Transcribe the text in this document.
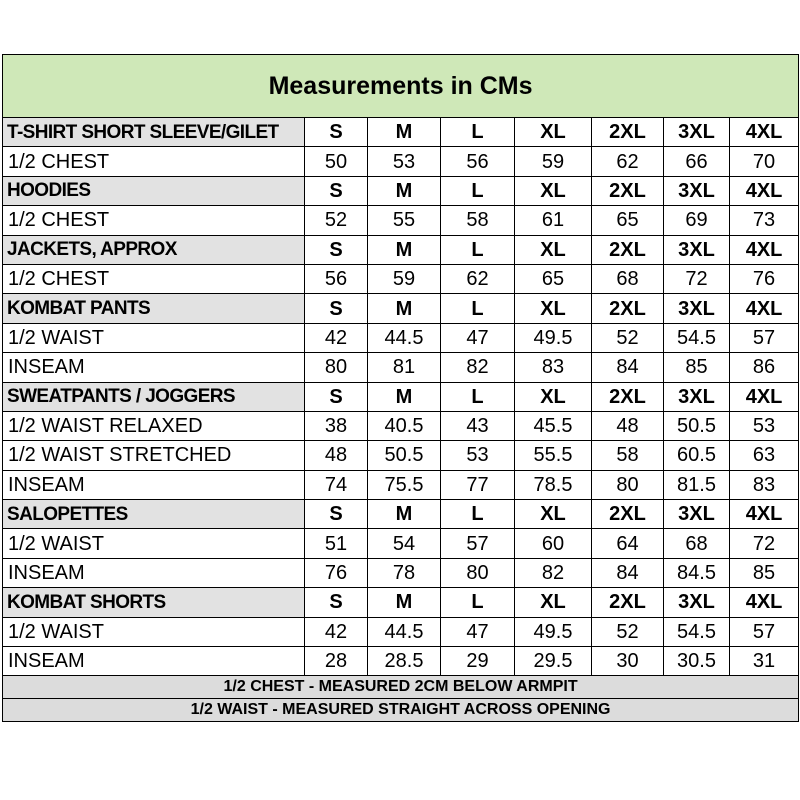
Measurements in CMs							
T-SHIRT SHORT SLEEVE/GILET	S	M	L	XL	2XL	3XL	4XL
1/2 CHEST	50	53	56	59	62	66	70
HOODIES	S	M	L	XL	2XL	3XL	4XL
1/2 CHEST	52	55	58	61	65	69	73
JACKETS, APPROX	S	M	L	XL	2XL	3XL	4XL
1/2 CHEST	56	59	62	65	68	72	76
KOMBAT PANTS	S	M	L	XL	2XL	3XL	4XL
1/2 WAIST	42	44.5	47	49.5	52	54.5	57
INSEAM	80	81	82	83	84	85	86
SWEATPANTS / JOGGERS	S	M	L	XL	2XL	3XL	4XL
1/2 WAIST RELAXED	38	40.5	43	45.5	48	50.5	53
1/2 WAIST STRETCHED	48	50.5	53	55.5	58	60.5	63
INSEAM	74	75.5	77	78.5	80	81.5	83
SALOPETTES	S	M	L	XL	2XL	3XL	4XL
1/2 WAIST	51	54	57	60	64	68	72
INSEAM	76	78	80	82	84	84.5	85
KOMBAT SHORTS	S	M	L	XL	2XL	3XL	4XL
1/2 WAIST	42	44.5	47	49.5	52	54.5	57
INSEAM	28	28.5	29	29.5	30	30.5	31
1/2 CHEST - MEASURED 2CM BELOW ARMPIT							
1/2 WAIST - MEASURED STRAIGHT ACROSS OPENING							
